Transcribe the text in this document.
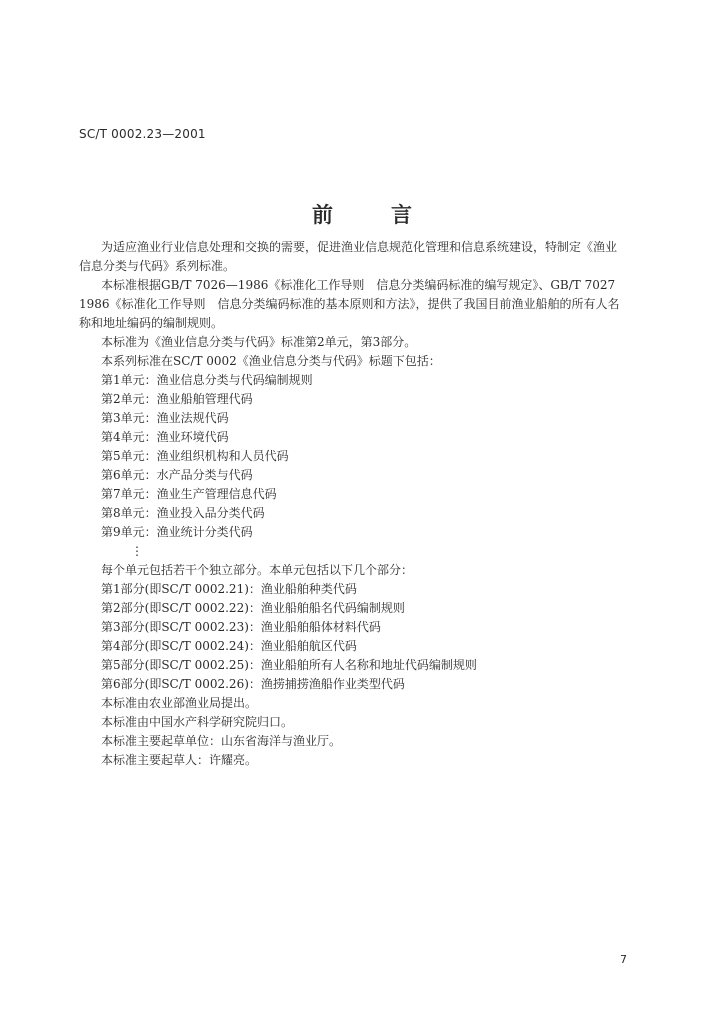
SC/T 0002.23—2001
前言

为适应渔业行业信息处理和交换的需要，促进渔业信息规范化管理和信息系统建设，特制定《渔业

信息分类与代码》系列标准。

本标准根据GB/T 7026—1986《标准化工作导则　信息分类编码标准的编写规定》、GB/T 7027

1986《标准化工作导则　信息分类编码标准的基本原则和方法》，提供了我国目前渔业船舶的所有人名

称和地址编码的编制规则。

本标准为《渔业信息分类与代码》标准第2单元，第3部分。

本系列标准在SC/T 0002《渔业信息分类与代码》标题下包括：

第1单元：渔业信息分类与代码编制规则

第2单元：渔业船舶管理代码

第3单元：渔业法规代码

第4单元：渔业环境代码

第5单元：渔业组织机构和人员代码

第6单元：水产品分类与代码

第7单元：渔业生产管理信息代码

第8单元：渔业投入品分类代码

第9单元：渔业统计分类代码

⋮

每个单元包括若干个独立部分。本单元包括以下几个部分：

第1部分(即SC/T 0002.21)：渔业船舶种类代码

第2部分(即SC/T 0002.22)：渔业船舶船名代码编制规则

第3部分(即SC/T 0002.23)：渔业船舶船体材料代码

第4部分(即SC/T 0002.24)：渔业船舶航区代码

第5部分(即SC/T 0002.25)：渔业船舶所有人名称和地址代码编制规则

第6部分(即SC/T 0002.26)：渔捞捕捞渔船作业类型代码

本标准由农业部渔业局提出。

本标准由中国水产科学研究院归口。

本标准主要起草单位：山东省海洋与渔业厅。

本标准主要起草人：许耀亮。

7
